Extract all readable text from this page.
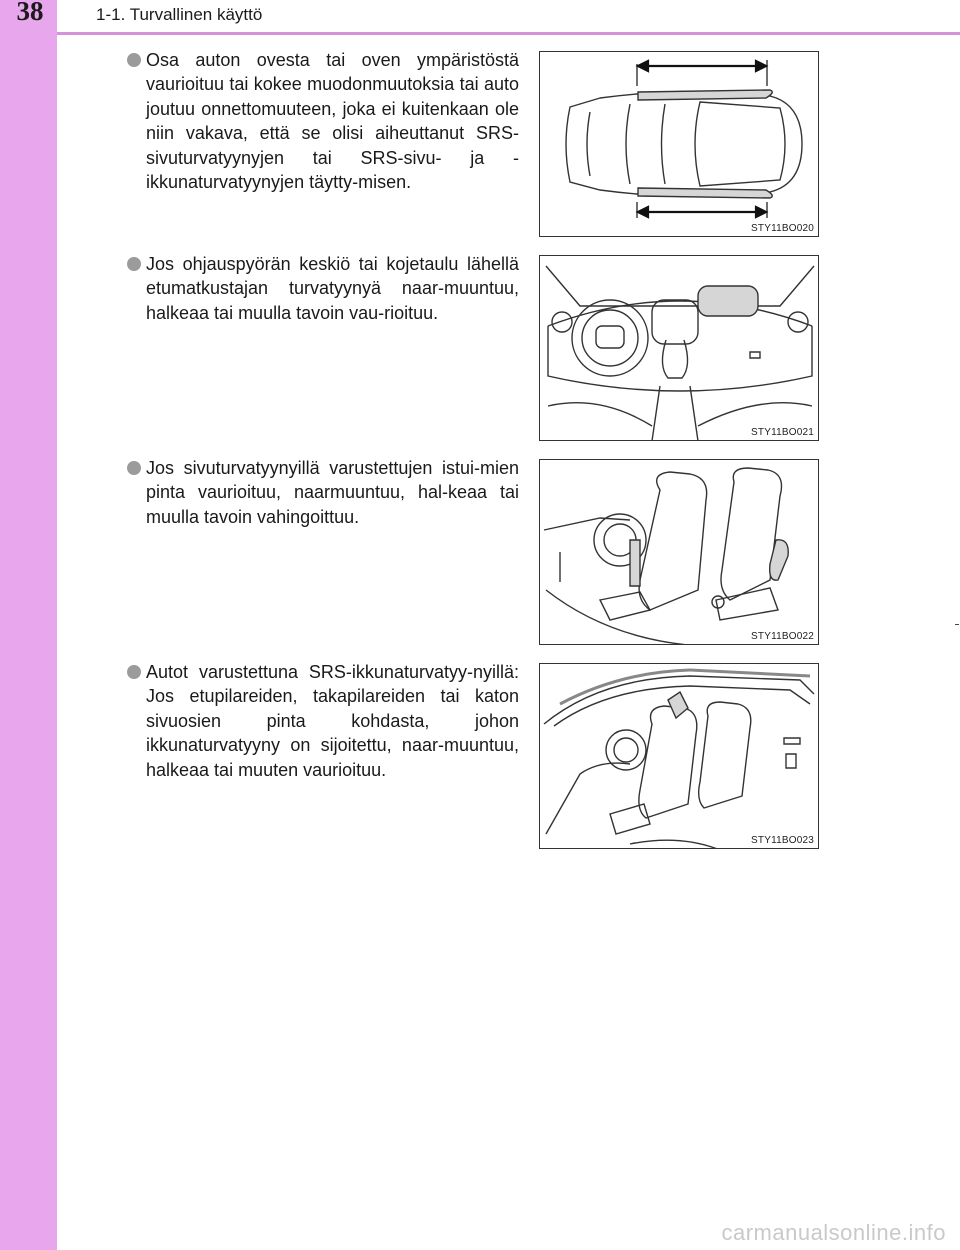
38	1-1. Turvallinen käyttö
Osa auton ovesta tai oven ympäristöstä vaurioituu tai kokee muodonmuutoksia tai auto joutuu onnettomuuteen, joka ei kuitenkaan ole niin vakava, että se olisi aiheuttanut SRS-sivuturvatyynyjen tai SRS-sivu- ja -ikkunaturvatyynyjen täytty-misen.
STY11BO020
Jos ohjauspyörän keskiö tai kojetaulu lähellä etumatkustajan turvatyynyä naar-muuntuu, halkeaa tai muulla tavoin vau-rioituu.
STY11BO021
Jos sivuturvatyynyillä varustettujen istui-mien pinta vaurioituu, naarmuuntuu, hal-keaa tai muulla tavoin vahingoittuu.
STY11BO022
Autot varustettuna SRS-ikkunaturvatyy-nyillä: Jos etupilareiden, takapilareiden tai katon sivuosien pinta kohdasta, johon ikkunaturvatyyny on sijoitettu, naar-muuntuu, halkeaa tai muuten vaurioituu.
STY11BO023
carmanualsonline.info
